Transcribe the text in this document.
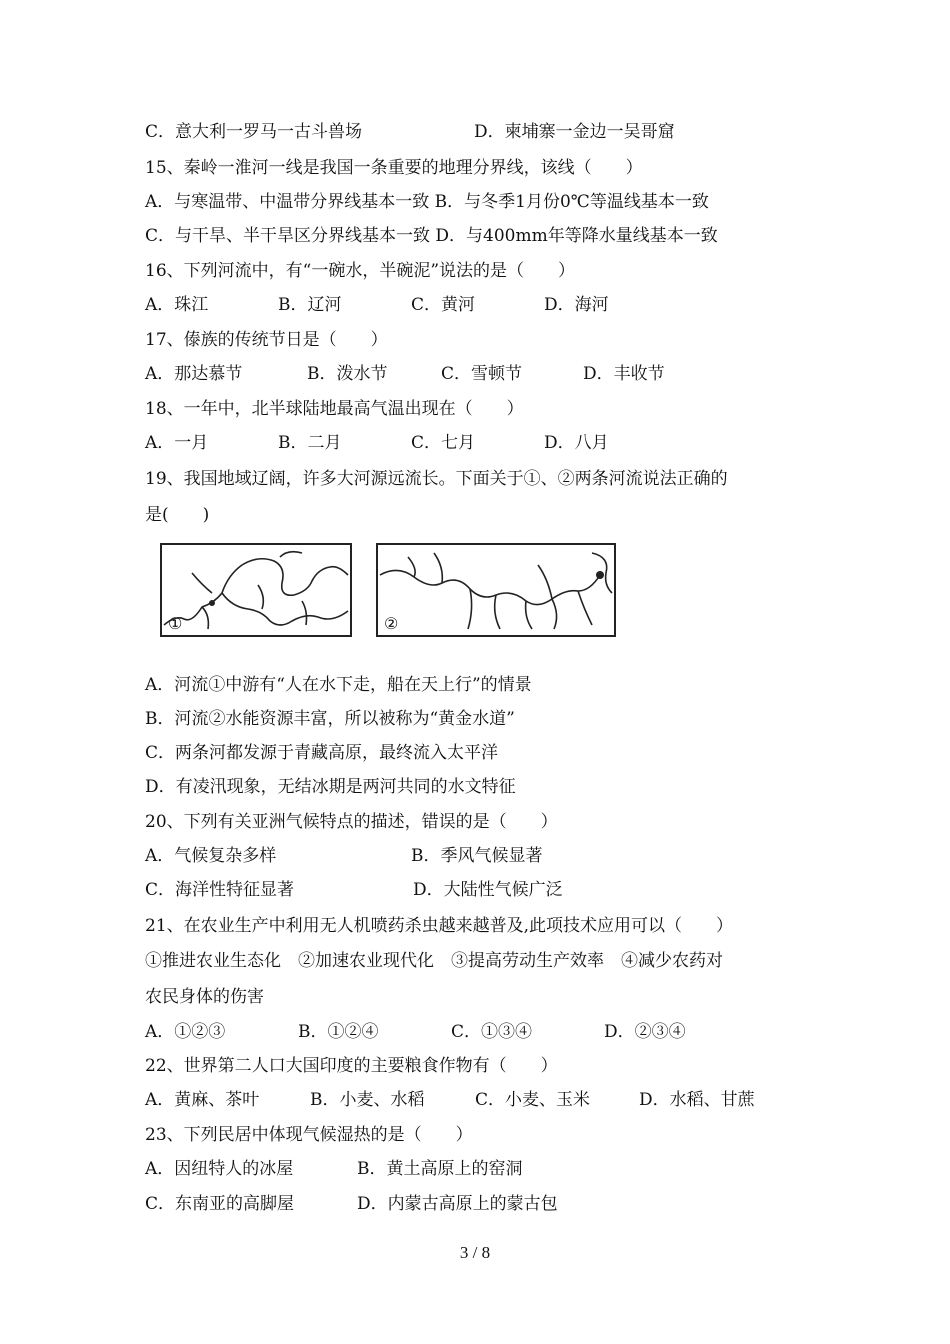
C．意大利一罗马一古斗兽场	D．柬埔寨一金边一吴哥窟
15、秦岭一淮河一线是我国一条重要的地理分界线，该线（　　）
A．与寒温带、中温带分界线基本一致 B．与冬季1月份0℃等温线基本一致
C．与干旱、半干旱区分界线基本一致 D．与400mm年等降水量线基本一致
16、下列河流中，有“一碗水，半碗泥”说法的是（　　）
A．珠江	B．辽河	C．黄河	D．海河
17、傣族的传统节日是（　　）
A．那达慕节	B．泼水节	C．雪顿节	D．丰收节
18、一年中，北半球陆地最高气温出现在（　　）
A．一月	B．二月	C．七月	D．八月
19、我国地域辽阔，许多大河源远流长。下面关于①、②两条河流说法正确的
是(　　)
①	②
A．河流①中游有“人在水下走，船在天上行”的情景
B．河流②水能资源丰富，所以被称为“黄金水道”
C．两条河都发源于青藏高原，最终流入太平洋
D．有凌汛现象，无结冰期是两河共同的水文特征
20、下列有关亚洲气候特点的描述，错误的是（　　）
A．气候复杂多样	B．季风气候显著
C．海洋性特征显著	D．大陆性气候广泛
21、在农业生产中利用无人机喷药杀虫越来越普及,此项技术应用可以（　　）
①推进农业生态化　②加速农业现代化　③提高劳动生产效率　④减少农药对
农民身体的伤害
A．①②③	B．①②④	C．①③④	D．②③④
22、世界第二人口大国印度的主要粮食作物有（　　）
A．黄麻、茶叶	B．小麦、水稻	C．小麦、玉米	D．水稻、甘蔗
23、下列民居中体现气候湿热的是（　　）
A．因纽特人的冰屋	B．黄土高原上的窑洞
C．东南亚的高脚屋	D．内蒙古高原上的蒙古包
3 / 8
